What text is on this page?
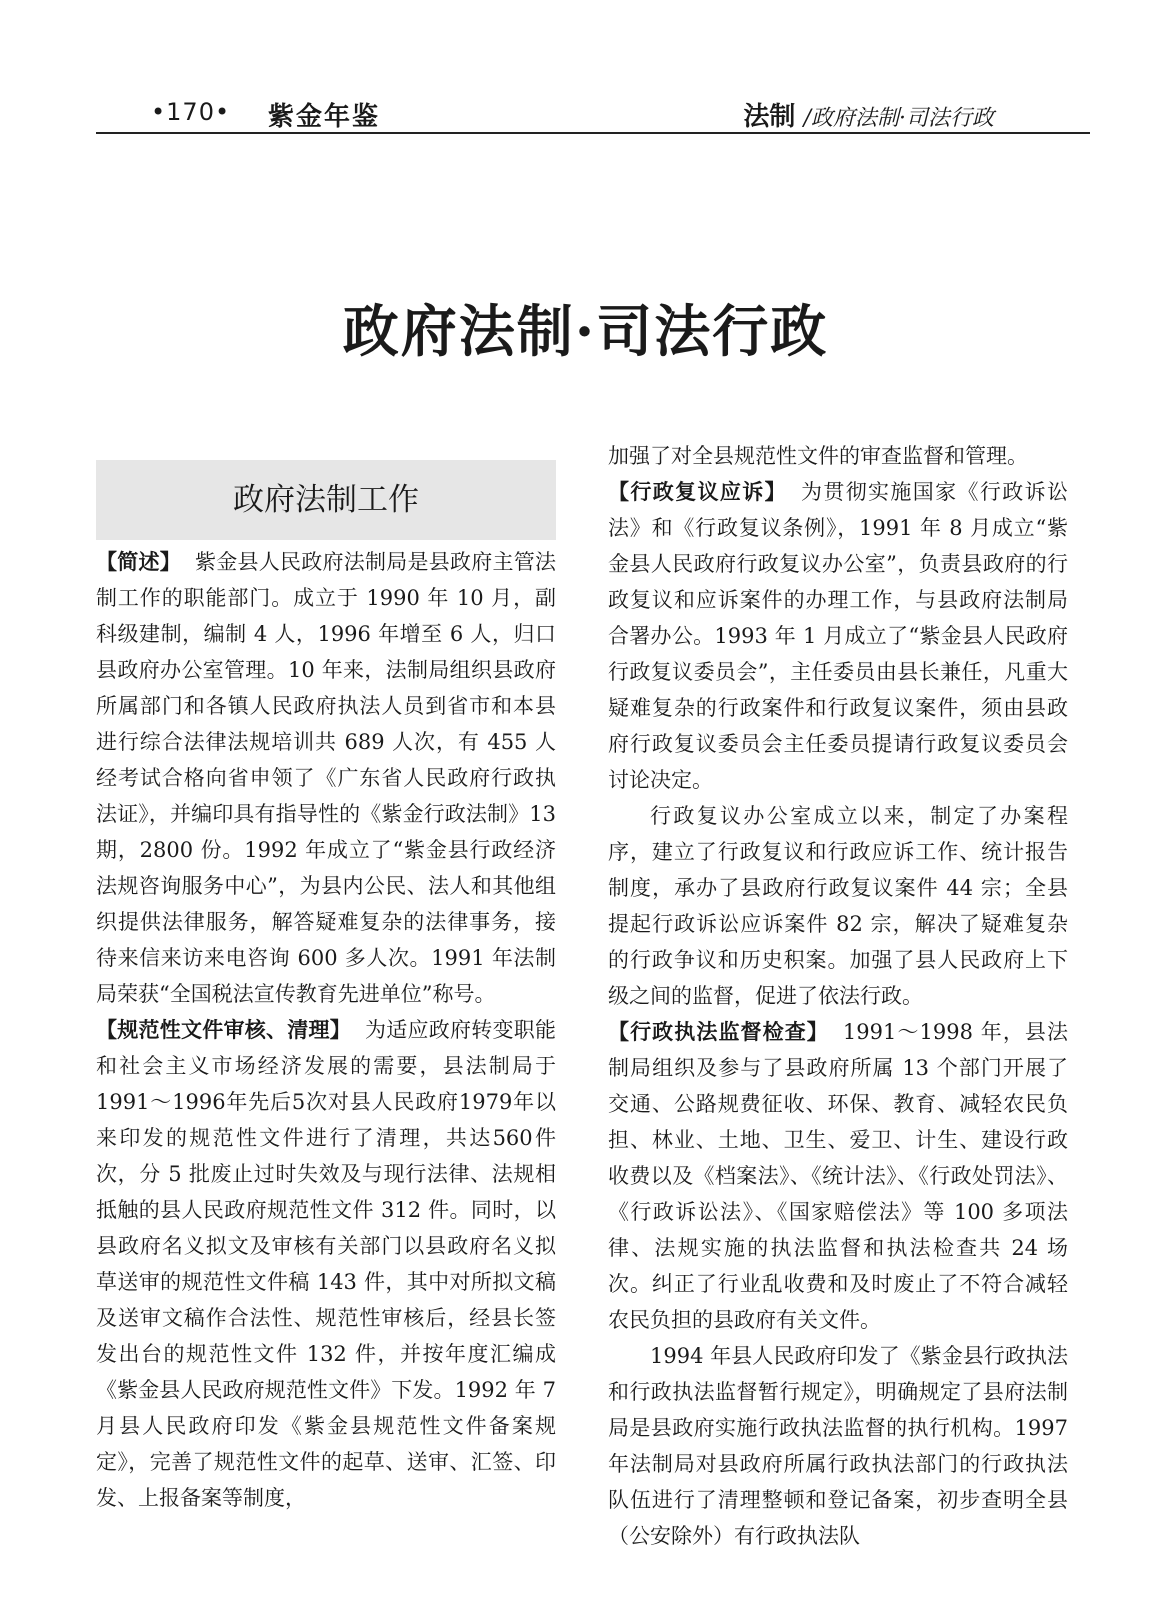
•170• 紫金年鉴	法制 /政府法制·司法行政
政府法制·司法行政
政府法制工作

【简述】 紫金县人民政府法制局是县政府主管法制工作的职能部门。成立于 1990 年 10 月，副科级建制，编制 4 人，1996 年增至 6 人，归口县政府办公室管理。10 年来，法制局组织县政府所属部门和各镇人民政府执法人员到省市和本县进行综合法律法规培训共 689 人次，有 455 人经考试合格向省申领了《广东省人民政府行政执法证》，并编印具有指导性的《紫金行政法制》13 期，2800 份。1992 年成立了“紫金县行政经济法规咨询服务中心”，为县内公民、法人和其他组织提供法律服务，解答疑难复杂的法律事务，接待来信来访来电咨询 600 多人次。1991 年法制局荣获“全国税法宣传教育先进单位”称号。

【规范性文件审核、清理】 为适应政府转变职能和社会主义市场经济发展的需要，县法制局于1991～1996年先后5次对县人民政府1979年以来印发的规范性文件进行了清理，共达560件次，分 5 批废止过时失效及与现行法律、法规相抵触的县人民政府规范性文件 312 件。同时，以县政府名义拟文及审核有关部门以县政府名义拟草送审的规范性文件稿 143 件，其中对所拟文稿及送审文稿作合法性、规范性审核后，经县长签发出台的规范性文件 132 件，并按年度汇编成《紫金县人民政府规范性文件》下发。1992 年 7 月县人民政府印发《紫金县规范性文件备案规定》，完善了规范性文件的起草、送审、汇签、印发、上报备案等制度，

加强了对全县规范性文件的审查监督和管理。

【行政复议应诉】 为贯彻实施国家《行政诉讼法》和《行政复议条例》，1991 年 8 月成立“紫金县人民政府行政复议办公室”，负责县政府的行政复议和应诉案件的办理工作，与县政府法制局合署办公。1993 年 1 月成立了“紫金县人民政府行政复议委员会”，主任委员由县长兼任，凡重大疑难复杂的行政案件和行政复议案件，须由县政府行政复议委员会主任委员提请行政复议委员会讨论决定。

行政复议办公室成立以来，制定了办案程序，建立了行政复议和行政应诉工作、统计报告制度，承办了县政府行政复议案件 44 宗；全县提起行政诉讼应诉案件 82 宗，解决了疑难复杂的行政争议和历史积案。加强了县人民政府上下级之间的监督，促进了依法行政。

【行政执法监督检查】 1991～1998 年，县法制局组织及参与了县政府所属 13 个部门开展了交通、公路规费征收、环保、教育、减轻农民负担、林业、土地、卫生、爱卫、计生、建设行政收费以及《档案法》、《统计法》、《行政处罚法》、《行政诉讼法》、《国家赔偿法》等 100 多项法律、法规实施的执法监督和执法检查共 24 场次。纠正了行业乱收费和及时废止了不符合减轻农民负担的县政府有关文件。

1994 年县人民政府印发了《紫金县行政执法和行政执法监督暂行规定》，明确规定了县府法制局是县政府实施行政执法监督的执行机构。1997 年法制局对县政府所属行政执法部门的行政执法队伍进行了清理整顿和登记备案，初步查明全县（公安除外）有行政执法队
